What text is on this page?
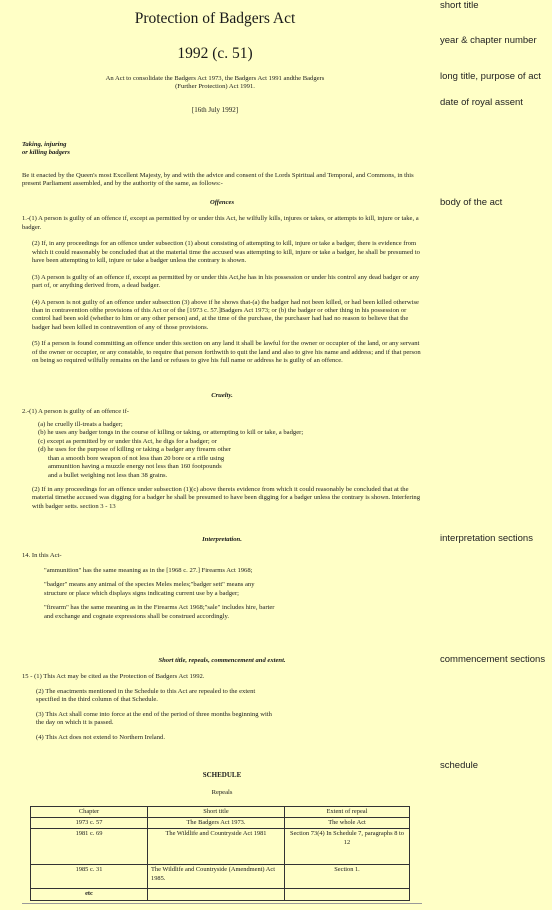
Protection of Badgers Act
1992 (c. 51)
An Act to consolidate the Badgers Act 1973, the Badgers Act 1991 andthe Badgers (Further Protection) Act 1991.
[16th July 1992]
Taking, injuring
or killing badgers

Be it enacted by the Queen's most Excellent Majesty, by and with the advice and consent of the Lords Spiritual and Temporal, and Commons, in this present Parliament assembled, and by the authority of the same, as follows:-

Offences

1.-(1) A person is guilty of an offence if, except as permitted by or under this Act, he wilfully kills, injures or takes, or attempts to kill, injure or take, a badger.

(2) If, in any proceedings for an offence under subsection (1) about consisting of attempting to kill, injure or take a badger, there is evidence from which it could reasonably be concluded that at the material time the accused was attempting to kill, injure or take a badger, he shall be presumed to have been attempting to kill, injure or take a badger unless the contrary is shown.

(3) A person is guilty of an offence if, except as permitted by or under this Act,he has in his possession or under his control any dead badger or any part of, or anything derived from, a dead badger.

(4) A person is not guilty of an offence under subsection (3) above if he shows that-(a) the badger had not been killed, or had been killed otherwise than in contravention ofthe provisions of this Act or of the [1973 c. 57.]Badgers Act 1973; or (b) the badger or other thing in his possession or control had been sold (whether to him or any other person) and, at the time of the purchase, the purchaser had had no reason to believe that the badger had been killed in contravention of any of those provisions.

(5) If a person is found committing an offence under this section on any land it shall be lawful for the owner or occupier of the land, or any servant of the owner or occupier, or any constable, to require that person forthwith to quit the land and also to give his name and address; and if that person on being so required wilfully remains on the land or refuses to give his full name or address he is guilty of an offence.

Cruelty.

2.-(1) A person is guilty of an offence if-

(a) he cruelly ill-treats a badger;
(b) he uses any badger tongs in the course of killing or taking, or attempting to kill or take, a badger;
(c) except as permitted by or under this Act, he digs for a badger; or
(d) he uses for the purpose of killing or taking a badger any firearm other than a smooth bore weapon of not less than 20 bore or a rifle using ammunition having a muzzle energy not less than 160 footpounds and a bullet weighing not less than 38 grains.

(2) If in any proceedings for an offence under subsection (1)(c) above thereis evidence from which it could reasonably be concluded that at the material timethe accused was digging for a badger he shall be presumed to have been digging for a badger unless the contrary is shown. Interfering with badger setts. section 3 - 13

Interpretation.

14. In this Act-

"ammunition" has the same meaning as in the [1968 c. 27.] Firearms Act 1968;

"badger" means any animal of the species Meles meles;"badger sett" means any structure or place which displays signs indicating current use by a badger;

"firearm" has the same meaning as in the Firearms Act 1968;"sale" includes hire, barter and exchange and cognate expressions shall be construed accordingly.

Short title, repeals, commencement and extent.

15 - (1) This Act may be cited as the Protection of Badgers Act 1992.

(2) The enactments mentioned in the Schedule to this Act are repealed to the extent specified in the third column of that Schedule.

(3) This Act shall come into force at the end of the period of three months beginning with the day on which it is passed.

(4) This Act does not extend to Northern Ireland.

SCHEDULE
Repeals
Chapter	Short title	Extent of repeal
1973 c. 57	The Badgers Act 1973.	The whole Act
1981 c. 69	The Wildlife and Countryside Act 1981	Section 73(4) In Schedule 7, paragraphs 8 to 12
1985 c. 31	The Wildlife and Countryside (Amendment) Act 1985.	Section 1.
etc		
short title
year & chapter number
long title, purpose of act
date of royal assent
body of the act
interpretation sections
commencement sections
schedule
